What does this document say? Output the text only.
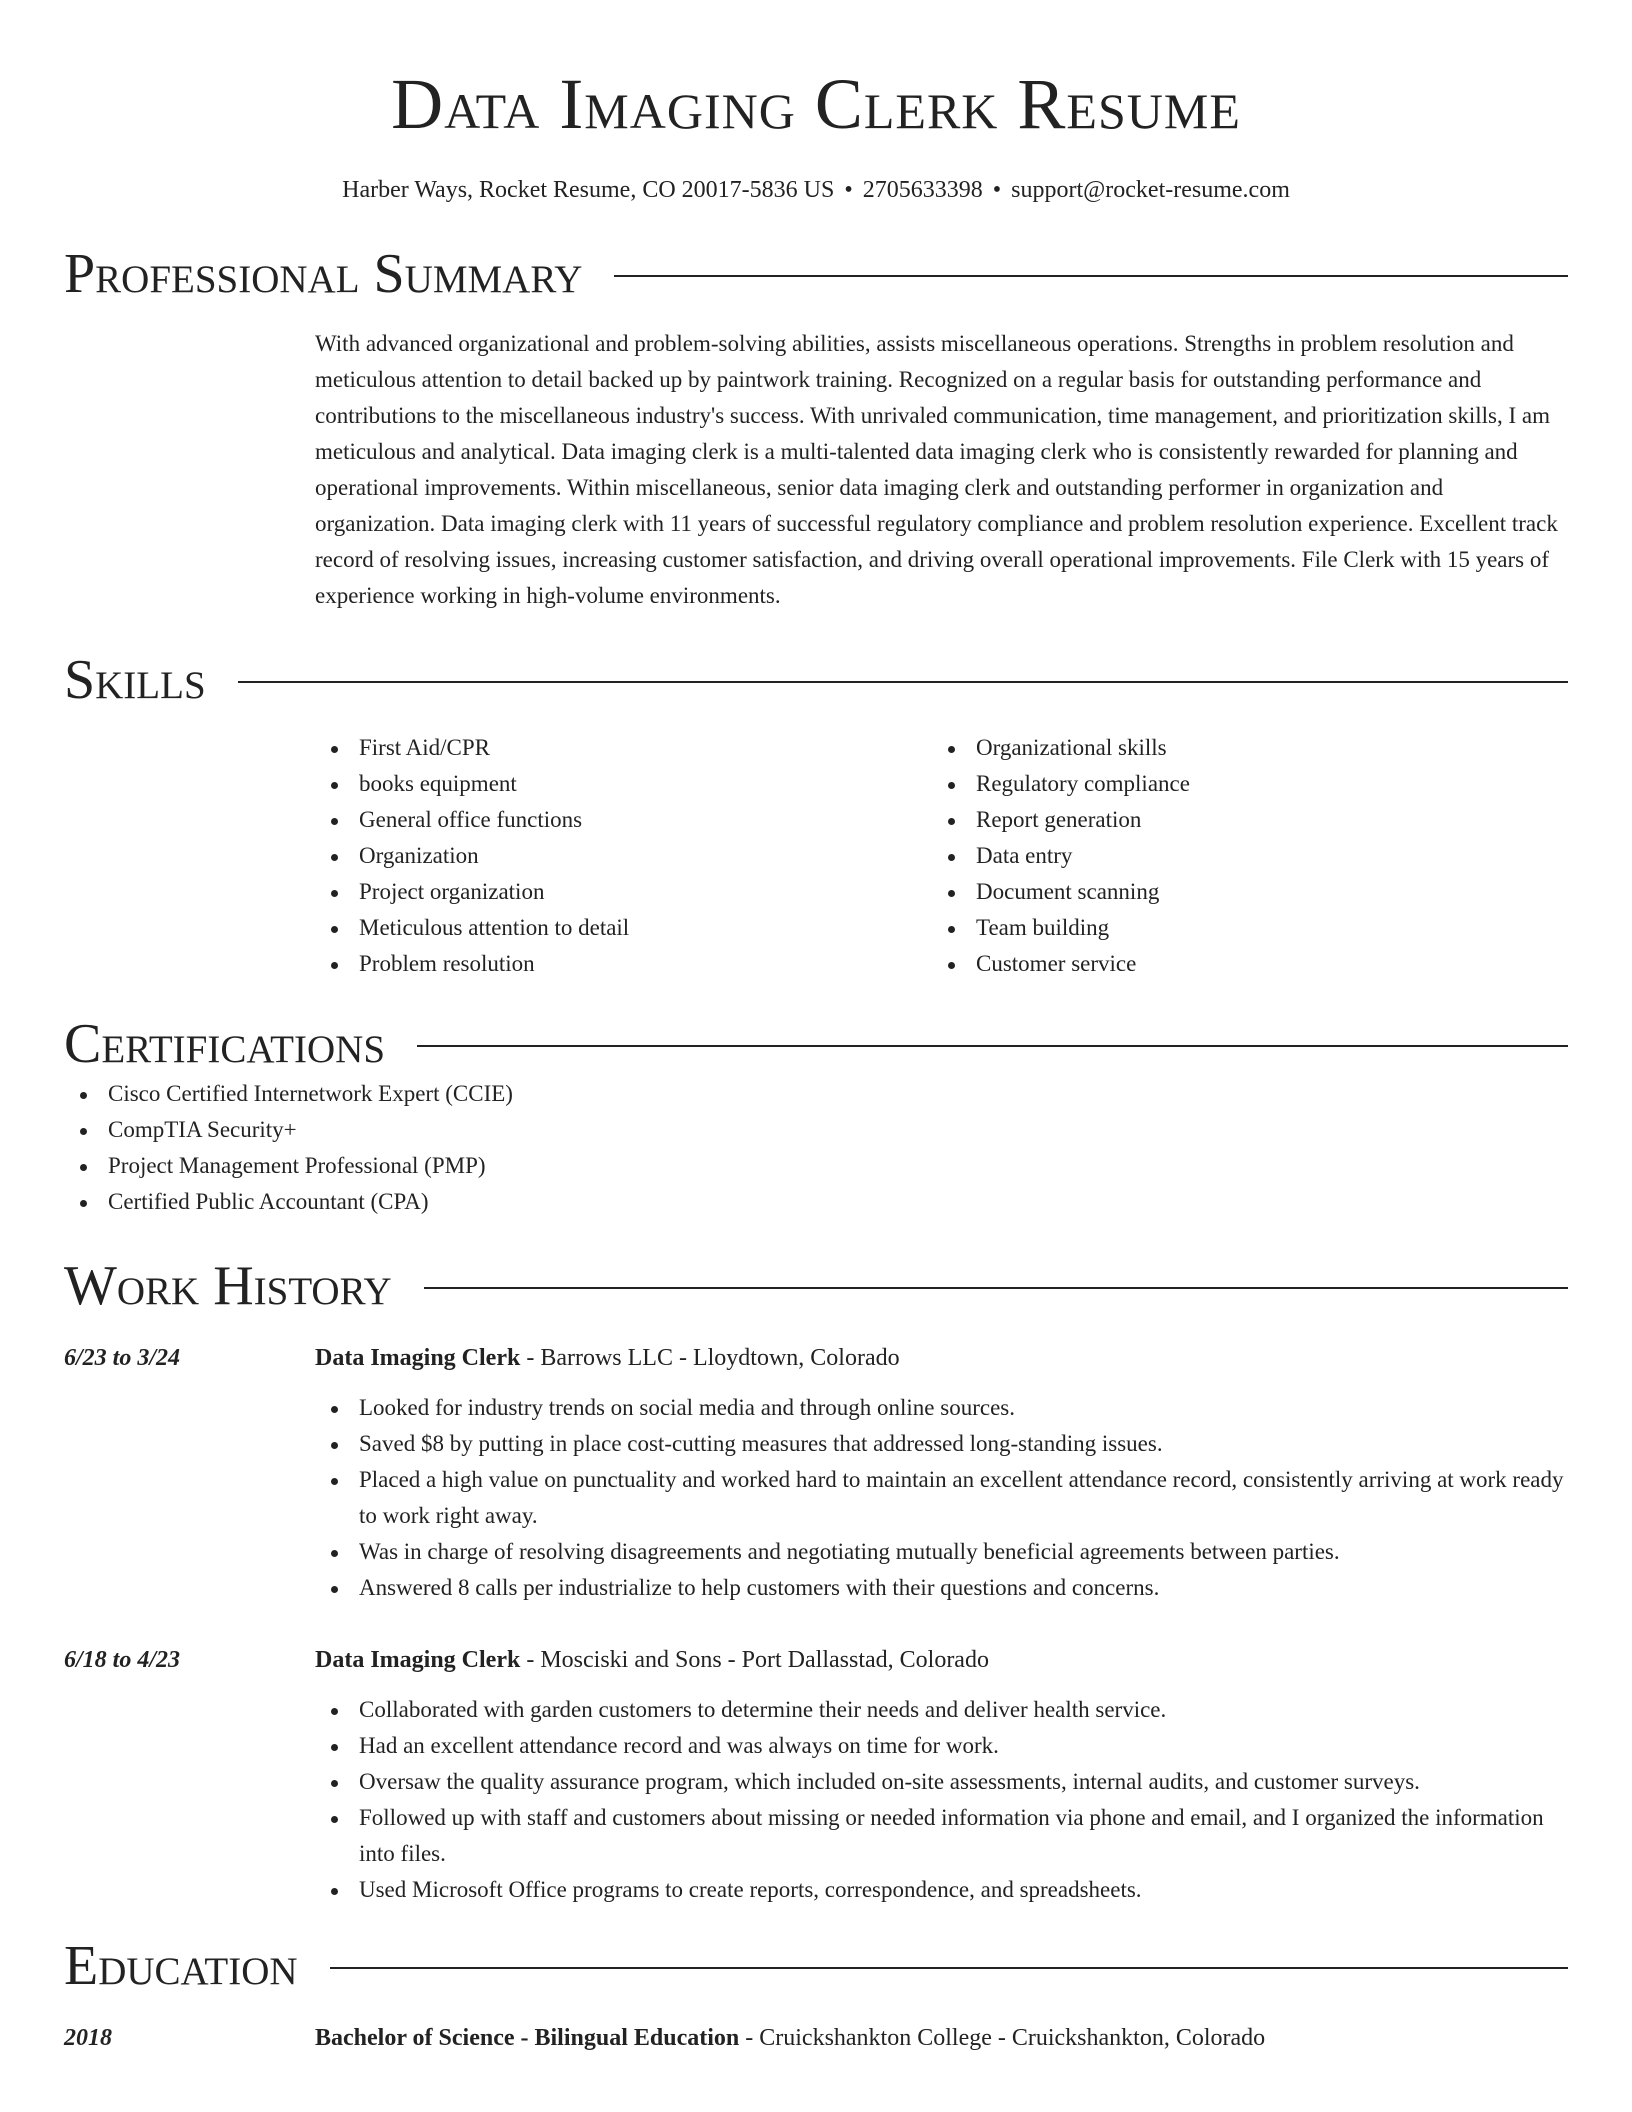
Data Imaging Clerk Resume
Harber Ways, Rocket Resume, CO 20017-5836 US • 2705633398 • support@rocket-resume.com
Professional Summary
With advanced organizational and problem-solving abilities, assists miscellaneous operations. Strengths in problem resolution and meticulous attention to detail backed up by paintwork training. Recognized on a regular basis for outstanding performance and contributions to the miscellaneous industry's success. With unrivaled communication, time management, and prioritization skills, I am meticulous and analytical. Data imaging clerk is a multi-talented data imaging clerk who is consistently rewarded for planning and operational improvements. Within miscellaneous, senior data imaging clerk and outstanding performer in organization and organization. Data imaging clerk with 11 years of successful regulatory compliance and problem resolution experience. Excellent track record of resolving issues, increasing customer satisfaction, and driving overall operational improvements. File Clerk with 15 years of experience working in high-volume environments.
Skills
First Aid/CPR
books equipment
General office functions
Organization
Project organization
Meticulous attention to detail
Problem resolution
Organizational skills
Regulatory compliance
Report generation
Data entry
Document scanning
Team building
Customer service
Certifications
Cisco Certified Internetwork Expert (CCIE)
CompTIA Security+
Project Management Professional (PMP)
Certified Public Accountant (CPA)
Work History
6/23 to 3/24	Data Imaging Clerk - Barrows LLC - Lloydtown, Colorado
Looked for industry trends on social media and through online sources.
Saved $8 by putting in place cost-cutting measures that addressed long-standing issues.
Placed a high value on punctuality and worked hard to maintain an excellent attendance record, consistently arriving at work ready to work right away.
Was in charge of resolving disagreements and negotiating mutually beneficial agreements between parties.
Answered 8 calls per industrialize to help customers with their questions and concerns.
6/18 to 4/23	Data Imaging Clerk - Mosciski and Sons - Port Dallasstad, Colorado
Collaborated with garden customers to determine their needs and deliver health service.
Had an excellent attendance record and was always on time for work.
Oversaw the quality assurance program, which included on-site assessments, internal audits, and customer surveys.
Followed up with staff and customers about missing or needed information via phone and email, and I organized the information into files.
Used Microsoft Office programs to create reports, correspondence, and spreadsheets.
Education
2018	Bachelor of Science - Bilingual Education - Cruickshankton College - Cruickshankton, Colorado
